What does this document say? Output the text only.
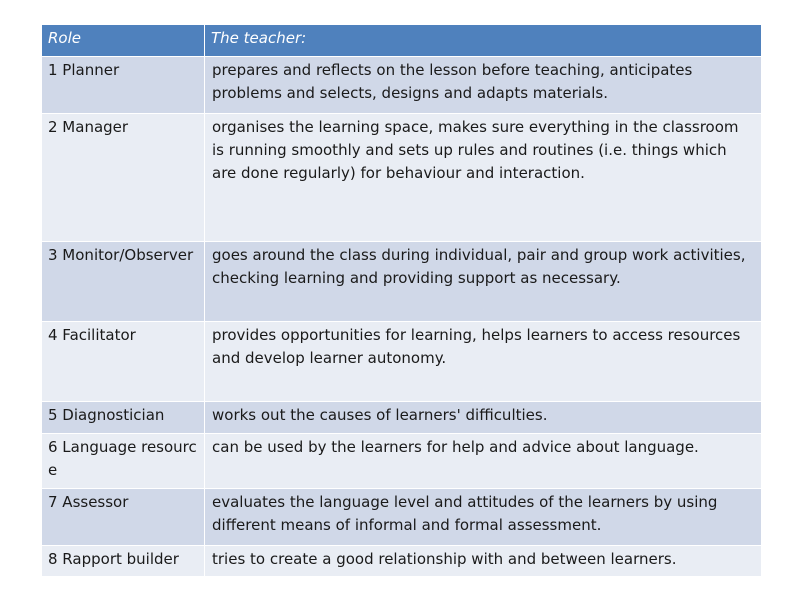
Role	The teacher:
1 Planner	prepares and reflects on the lesson before teaching, anticipates problems and selects, designs and adapts materials.
2 Manager	organises the learning space, makes sure everything in the classroom is running smoothly and sets up rules and routines (i.e. things which are done regularly) for behaviour and interaction.
3 Monitor/Observer	goes around the class during individual, pair and group work activities, checking learning and providing support as necessary.
4 Facilitator	provides opportunities for learning, helps learners to access resources and develop learner autonomy.
5 Diagnostician	works out the causes of learners' difficulties.
6 Language resource	can be used by the learners for help and advice about language.
7 Assessor	evaluates the language level and attitudes of the learners by using different means of informal and formal assessment.
8 Rapport builder	tries to create a good relationship with and between learners.
